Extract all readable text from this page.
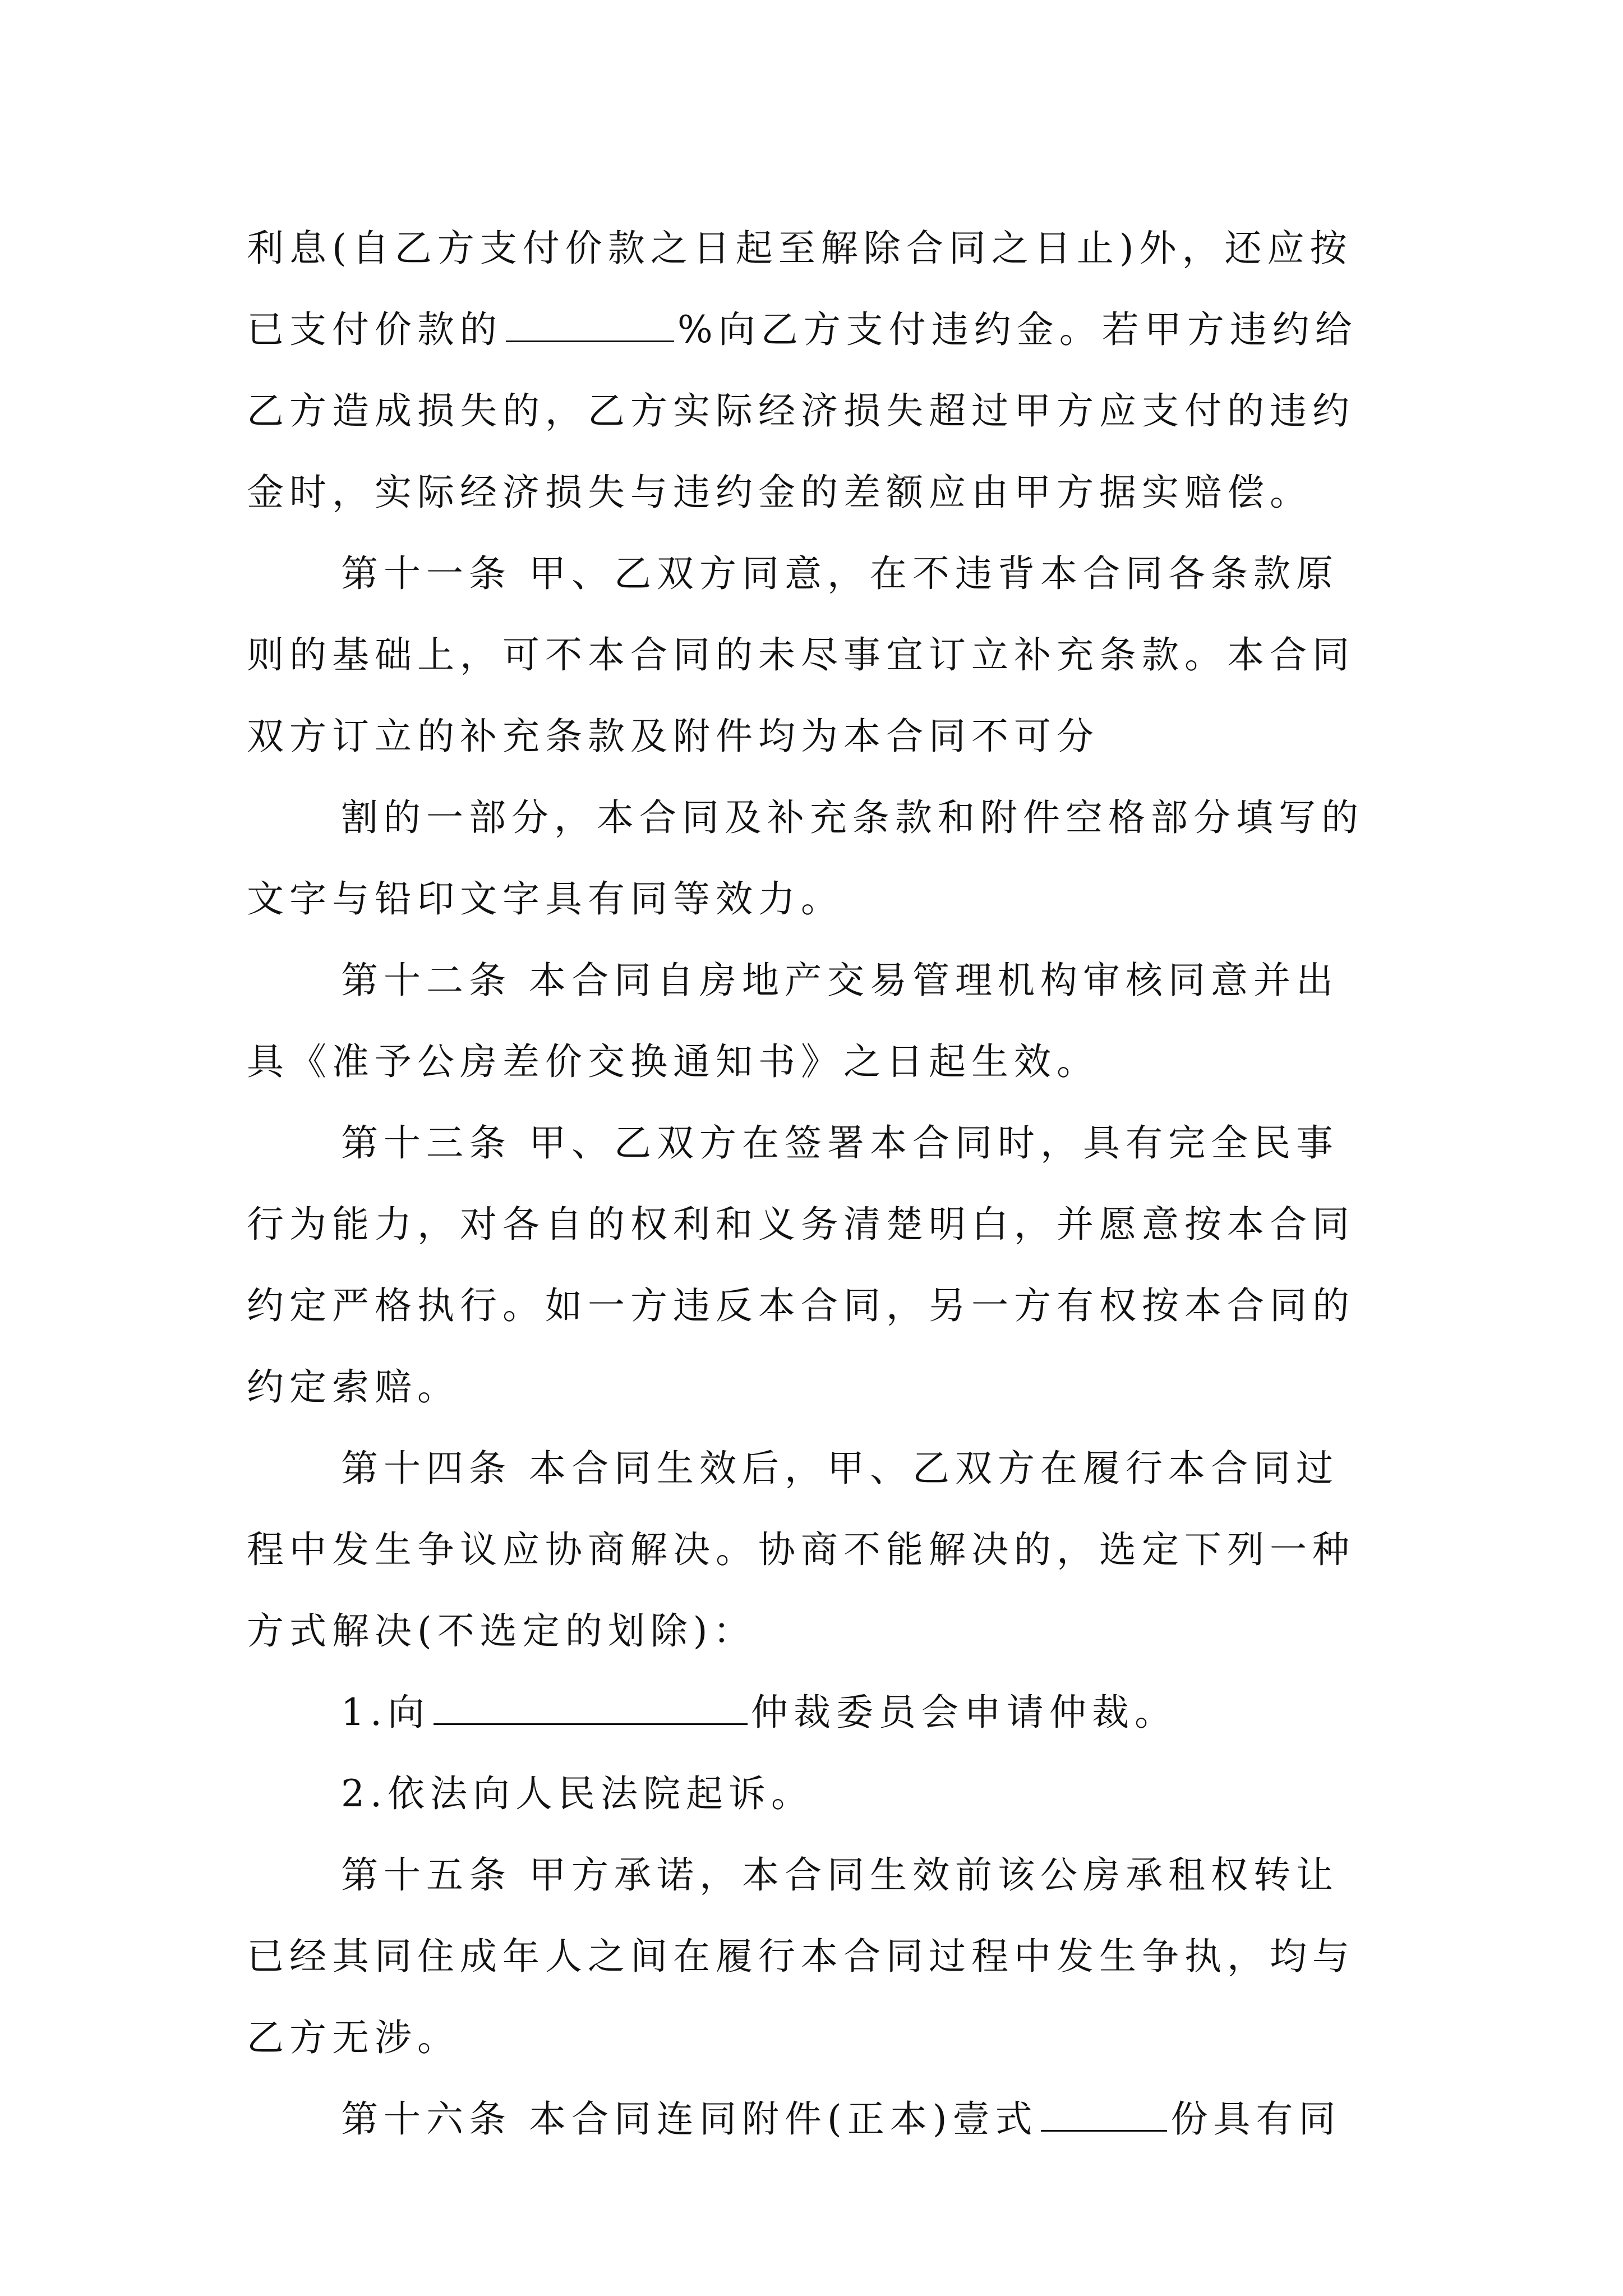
利息(自乙方支付价款之日起至解除合同之日止)外，还应按
已支付价款的	%向乙方支付违约金。若甲方违约给
乙方造成损失的，乙方实际经济损失超过甲方应支付的违约
金时，实际经济损失与违约金的差额应由甲方据实赔偿。
第十一条 甲、乙双方同意，在不违背本合同各条款原
则的基础上，可不本合同的未尽事宜订立补充条款。本合同
双方订立的补充条款及附件均为本合同不可分
割的一部分，本合同及补充条款和附件空格部分填写的
文字与铅印文字具有同等效力。
第十二条 本合同自房地产交易管理机构审核同意并出
具《准予公房差价交换通知书》之日起生效。
第十三条 甲、乙双方在签署本合同时，具有完全民事
行为能力，对各自的权利和义务清楚明白，并愿意按本合同
约定严格执行。如一方违反本合同，另一方有权按本合同的
约定索赔。
第十四条 本合同生效后，甲、乙双方在履行本合同过
程中发生争议应协商解决。协商不能解决的，选定下列一种
方式解决(不选定的划除)：
1.向	仲裁委员会申请仲裁。
2.依法向人民法院起诉。
第十五条 甲方承诺，本合同生效前该公房承租权转让
已经其同住成年人之间在履行本合同过程中发生争执，均与
乙方无涉。
第十六条 本合同连同附件(正本)壹式	份具有同
